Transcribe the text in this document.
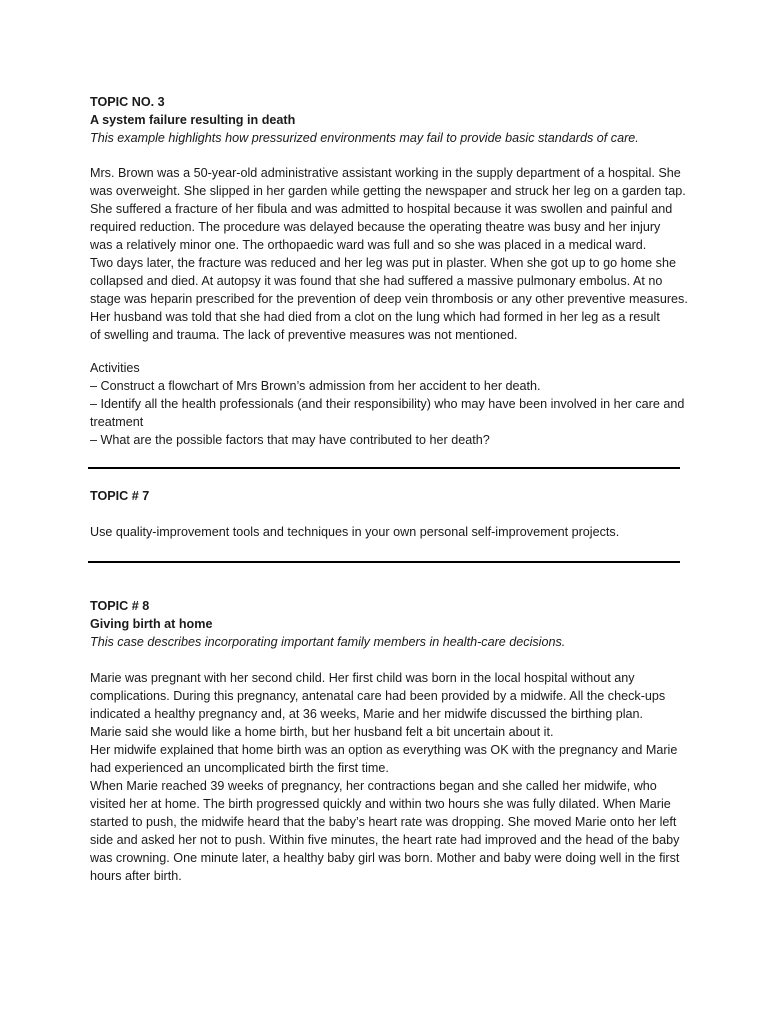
TOPIC NO. 3
A system failure resulting in death
This example highlights how pressurized environments may fail to provide basic standards of care.
Mrs. Brown was a 50-year-old administrative assistant working in the supply department of a hospital. She
was overweight. She slipped in her garden while getting the newspaper and struck her leg on a garden tap.
She suffered a fracture of her fibula and was admitted to hospital because it was swollen and painful and
required reduction. The procedure was delayed because the operating theatre was busy and her injury
was a relatively minor one. The orthopaedic ward was full and so she was placed in a medical ward.
Two days later, the fracture was reduced and her leg was put in plaster. When she got up to go home she
collapsed and died. At autopsy it was found that she had suffered a massive pulmonary embolus. At no
stage was heparin prescribed for the prevention of deep vein thrombosis or any other preventive measures.
Her husband was told that she had died from a clot on the lung which had formed in her leg as a result
of swelling and trauma. The lack of preventive measures was not mentioned.
Activities
– Construct a flowchart of Mrs Brown’s admission from her accident to her death.
– Identify all the health professionals (and their responsibility) who may have been involved in her care and
treatment
– What are the possible factors that may have contributed to her death?
TOPIC # 7
Use quality-improvement tools and techniques in your own personal self-improvement projects.
TOPIC # 8
Giving birth at home
This case describes incorporating important family members in health-care decisions.
Marie was pregnant with her second child. Her first child was born in the local hospital without any
complications. During this pregnancy, antenatal care had been provided by a midwife. All the check-ups
indicated a healthy pregnancy and, at 36 weeks, Marie and her midwife discussed the birthing plan.
Marie said she would like a home birth, but her husband felt a bit uncertain about it.
Her midwife explained that home birth was an option as everything was OK with the pregnancy and Marie
had experienced an uncomplicated birth the first time.
When Marie reached 39 weeks of pregnancy, her contractions began and she called her midwife, who
visited her at home. The birth progressed quickly and within two hours she was fully dilated. When Marie
started to push, the midwife heard that the baby’s heart rate was dropping. She moved Marie onto her left
side and asked her not to push. Within five minutes, the heart rate had improved and the head of the baby
was crowning. One minute later, a healthy baby girl was born. Mother and baby were doing well in the first
hours after birth.
